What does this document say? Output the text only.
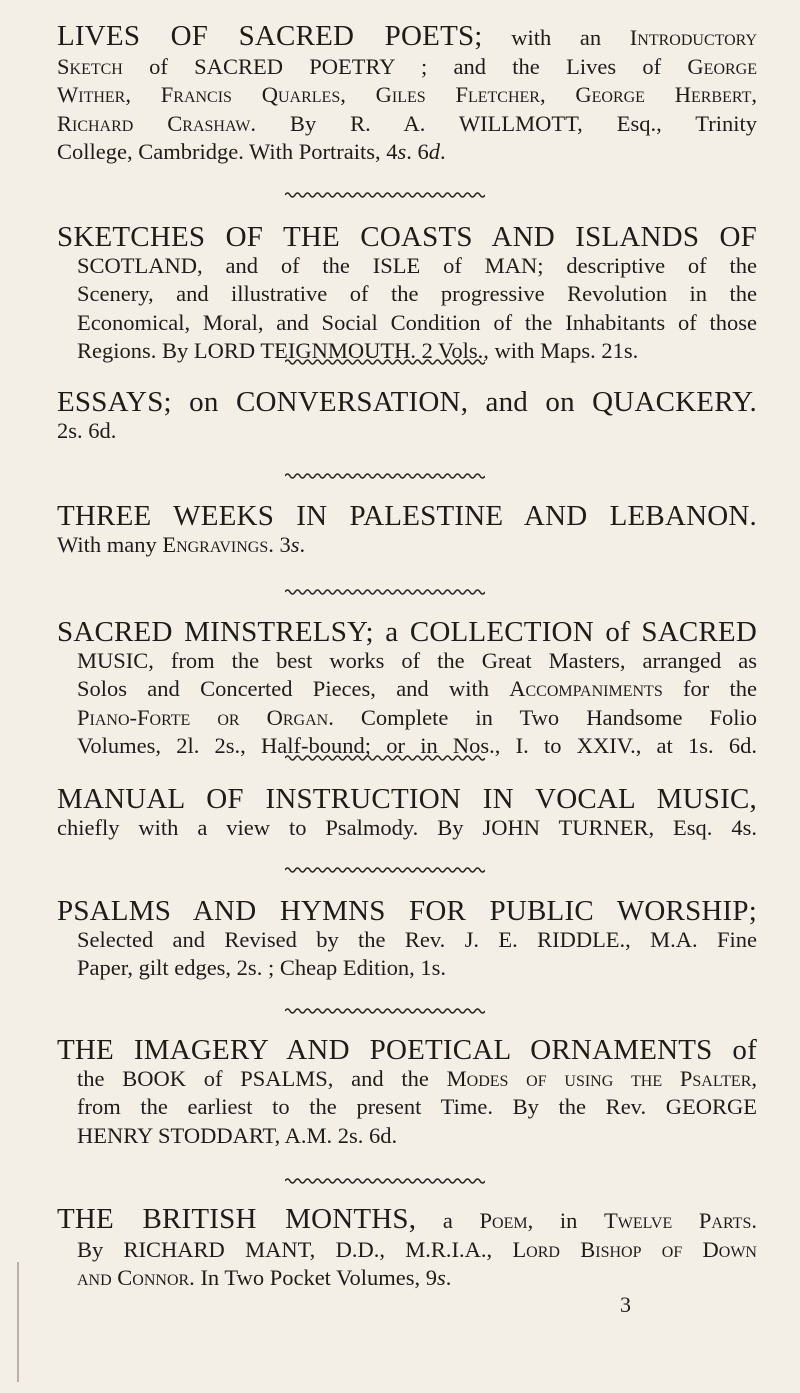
LIVES OF SACRED POETS; with an Introductory
Sketch of SACRED POETRY ; and the Lives of George
Wither, Francis Quarles, Giles Fletcher, George Herbert,
Richard Crashaw. By R. A. WILLMOTT, Esq., Trinity
College, Cambridge. With Portraits, 4s. 6d.
SKETCHES OF THE COASTS AND ISLANDS OF
SCOTLAND, and of the ISLE of MAN; descriptive of the
Scenery, and illustrative of the progressive Revolution in the
Economical, Moral, and Social Condition of the Inhabitants of those
Regions. By LORD TEIGNMOUTH. 2 Vols., with Maps. 21s.
ESSAYS; on CONVERSATION, and on QUACKERY.
2s. 6d.
THREE WEEKS IN PALESTINE AND LEBANON.
With many Engravings. 3s.
SACRED MINSTRELSY; a COLLECTION of SACRED
MUSIC, from the best works of the Great Masters, arranged as
Solos and Concerted Pieces, and with Accompaniments for the
Piano-Forte or Organ. Complete in Two Handsome Folio
Volumes, 2l. 2s., Half-bound; or in Nos., I. to XXIV., at 1s. 6d.
MANUAL OF INSTRUCTION IN VOCAL MUSIC,
chiefly with a view to Psalmody. By JOHN TURNER, Esq. 4s.
PSALMS AND HYMNS FOR PUBLIC WORSHIP;
Selected and Revised by the Rev. J. E. RIDDLE., M.A. Fine
Paper, gilt edges, 2s. ; Cheap Edition, 1s.
THE IMAGERY AND POETICAL ORNAMENTS of
the BOOK of PSALMS, and the Modes of using the Psalter,
from the earliest to the present Time. By the Rev. GEORGE
HENRY STODDART, A.M. 2s. 6d.
THE BRITISH MONTHS, a Poem, in Twelve Parts.
By RICHARD MANT, D.D., M.R.I.A., Lord Bishop of Down
and Connor. In Two Pocket Volumes, 9s.
3
